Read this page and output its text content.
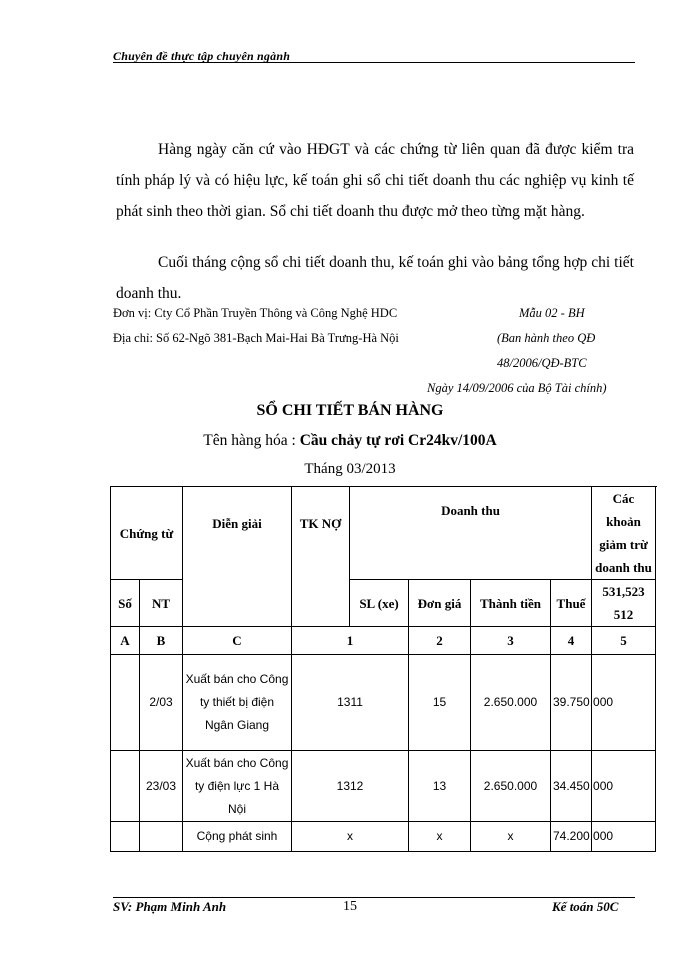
Chuyên đề thực tập chuyên ngành
Hàng ngày căn cứ vào HĐGT và các chứng từ liên quan đã được kiểm tra tính pháp lý và có hiệu lực, kế toán ghi sổ chi tiết doanh thu các nghiệp vụ kinh tế phát sinh theo thời gian. Sổ chi tiết doanh thu được mở theo từng mặt hàng.
Cuối tháng cộng sổ chi tiết doanh thu, kế toán ghi vào bảng tổng hợp chi tiết doanh thu.
Đơn vị: Cty Cổ Phần Truyền Thông và Công Nghệ HDC
Địa chỉ: Số 62-Ngõ 381-Bạch Mai-Hai Bà Trưng-Hà Nội
Mẫu 02 - BH
(Ban hành theo QĐ
48/2006/QĐ-BTC
Ngày 14/09/2006 của Bộ Tài chính)
SỔ CHI TIẾT BÁN HÀNG
Tên hàng hóa : Cầu chảy tự rơi Cr24kv/100A
Tháng 03/2013
Chứng từ		Diễn giải	TK NỢ	Doanh thu				Các khoản giảm trừ doanh thu
Số	NT			SL (xe)	Đơn giá	Thành tiền	Thuế	531,523 512
A	B	C	1		2	3	4	5
	2/03	Xuất bán cho Công ty thiết bị điện Ngân Giang	1311		15	2.650.000	39.750.000	
	23/03	Xuất bán cho Công ty điện lực 1 Hà Nội	1312		13	2.650.000	34.450.000	
		Cộng phát sinh	x		x	x	74.200.000	
SV: Phạm Minh Anh	15	Kế toán 50C
